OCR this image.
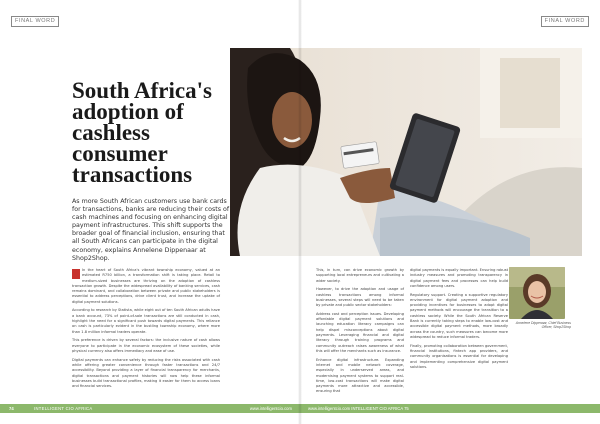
FINAL WORD
South Africa's adoption of cashless consumer transactions

As more South African customers use bank cards for transactions, banks are reducing their costs of cash machines and focusing on enhancing digital payment infrastructures. This shift supports the broader goal of financial inclusion, ensuring that all South Africans can participate in the digital economy, explains Annelene Dippenaar at Shop2Shop.

In the heart of South Africa's vibrant township economy, valued at an estimated R750 billion, a transformation shift is taking place. Retail to medium-sized businesses are thriving on the adoption of cashless transaction growth. Despite the widespread availability of banking services, cash remains dominant, and collaboration between private and public stakeholders is essential to address perceptions, drive client trust, and increase the uptake of digital payment solutions.

According to research by Statista, while eight out of ten South African adults have a bank account, 73% of point-of-sale transactions are still conducted in cash, highlight the need for a significant push towards digital payments. This reliance on cash is particularly evident in the bustling township economy, where more than 1.8 million informal traders operate.

This preference is driven by several factors: the inclusive nature of cash allows everyone to participate in the economic ecosystem of these societies, while physical currency also offers immediacy and ease of use.

Digital payments can enhance safety by reducing the risks associated with cash while offering greater convenience through faster transactions and 24/7 accessibility. Beyond providing a layer of financial transparency for merchants, digital transactions and payment histories will now help these informal businesses build transactional profiles, making it easier for them to access loans and financial services.

74	INTELLIGENT CIO AFRICA	www.intelligentcio.com
FINAL WORD

This, in turn, can drive economic growth by supporting local entrepreneurs and cultivating a wider society.

However, to drive the adoption and usage of cashless transactions among informal businesses, several steps will need to be taken by private and public sector stakeholders:

Address cost and perception issues. Developing affordable digital payment solutions and launching education literacy campaigns can help dispel misconceptions about digital payments. Leveraging financial and digital literacy through training programs and community outreach raises awareness of what this will offer the merchants such as insurance.

Enhance digital infrastructure. Expanding internet and mobile network coverage, especially in underserved areas, and modernising payment systems to support real-time, low-cost transactions will make digital payments more attractive and accessible, ensuring that

digital payments is equally important. Ensuring robust industry measures and promoting transparency in digital payment fees and processes can help build confidence among users.

Regulatory support. Creating a supportive regulatory environment for digital payment adoption and providing incentives for businesses to adopt digital payment methods will encourage the transition to a cashless society. While the South African Reserve Bank is currently taking steps to enable low-cost and accessible digital payment methods, more broadly across the country, such measures can become more widespread to reduce informal traders.

Finally, promoting collaboration between government, financial institutions, fintech app providers, and community organisations is essential for developing and implementing comprehensive digital payment solutions.

Annelene Dippenaar, Chief Business Officer, Shop2Shop

www.intelligentcio.com INTELLIGENT CIO AFRICA 75
